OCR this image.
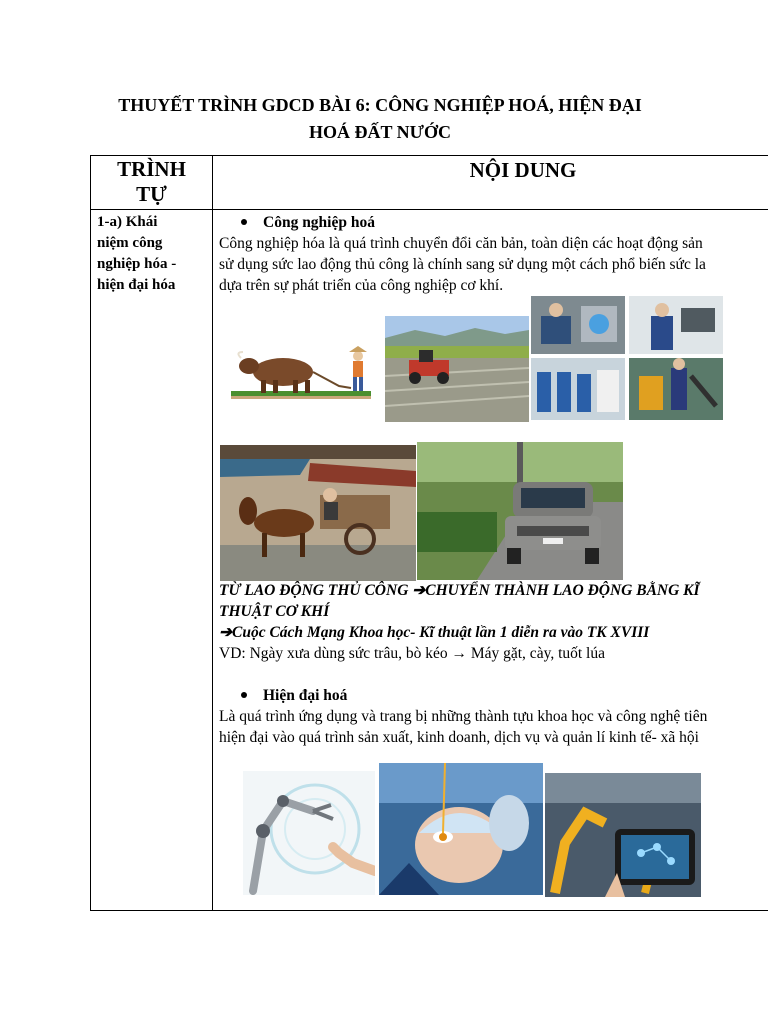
THUYẾT TRÌNH GDCD BÀI 6: CÔNG NGHIỆP HOÁ, HIỆN ĐẠI
HOÁ ĐẤT NƯỚC
TRÌNH
TỰ
NỘI DUNG
1-a) Khái
niệm công
nghiệp hóa -
hiện đại hóa
Công nghiệp hoá
Công nghiệp hóa là quá trình chuyển đổi căn bản, toàn diện các hoạt động sản
sử dụng sức lao động thủ công là chính sang sử dụng một cách phổ biến sức la
dựa trên sự phát triển của công nghiệp cơ khí.
TỪ LAO ĐỘNG THỦ CÔNG ➔CHUYỂN THÀNH LAO ĐỘNG BẰNG KĨ
THUẬT CƠ KHÍ
➔Cuộc Cách Mạng Khoa học- Kĩ thuật lần 1 diễn ra vào TK XVIII
VD: Ngày xưa dùng sức trâu, bò kéo → Máy gặt, cày, tuốt lúa
Hiện đại hoá
Là quá trình ứng dụng và trang bị những thành tựu khoa học và công nghệ tiên
hiện đại vào quá trình sản xuất, kinh doanh, dịch vụ và quản lí kinh tế- xã hội
